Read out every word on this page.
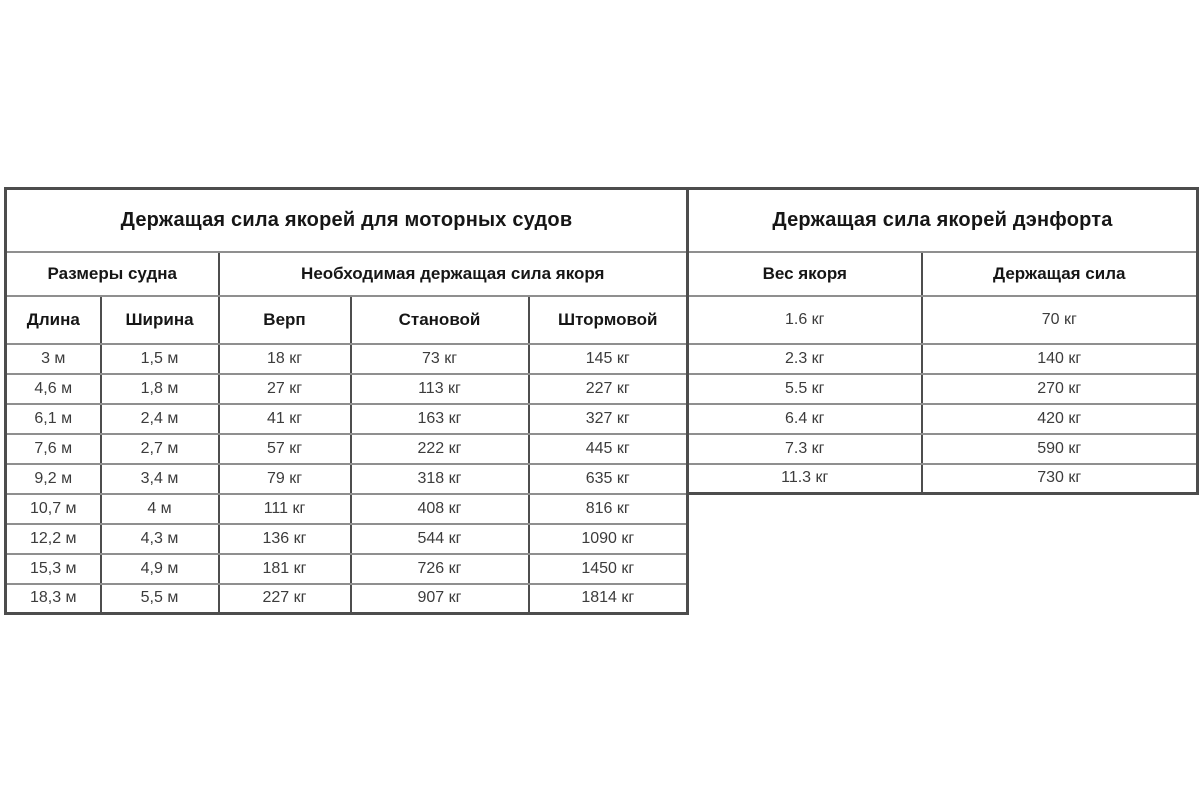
Держащая сила якорей для моторных судов				
Размеры судна		Необходимая держащая сила якоря		
Длина	Ширина	Верп	Становой	Штормовой
3 м	1,5 м	18 кг	73 кг	145 кг
4,6 м	1,8 м	27 кг	113 кг	227 кг
6,1 м	2,4 м	41 кг	163 кг	327 кг
7,6 м	2,7 м	57 кг	222 кг	445 кг
9,2 м	3,4 м	79 кг	318 кг	635 кг
10,7 м	4 м	111 кг	408 кг	816 кг
12,2 м	4,3 м	136 кг	544 кг	1090 кг
15,3 м	4,9 м	181 кг	726 кг	1450 кг
18,3 м	5,5 м	227 кг	907 кг	1814 кг
Держащая сила якорей дэнфорта	
Вес якоря	Держащая сила
1.6 кг	70 кг
2.3 кг	140 кг
5.5 кг	270 кг
6.4 кг	420 кг
7.3 кг	590 кг
11.3 кг	730 кг
